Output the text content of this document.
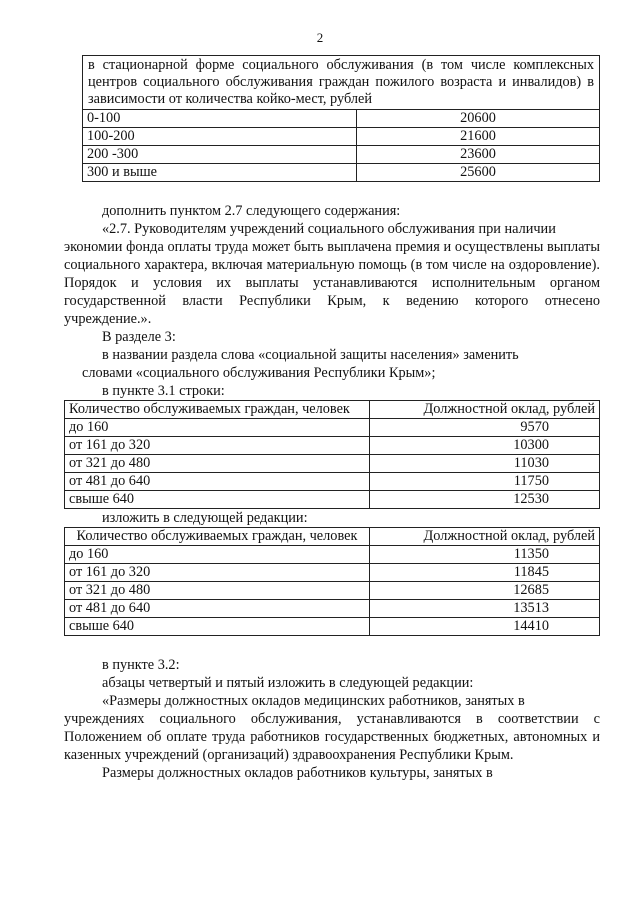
2
в стационарной форме социального обслуживания (в том числе комплексных центров социального обслуживания граждан пожилого возраста и инвалидов) в зависимости от количества койко-мест, рублей	
0-100	20600
100-200	21600
200 -300	23600
300 и выше	25600

дополнить пунктом 2.7 следующего содержания:

«2.7. Руководителям учреждений социального обслуживания при наличии

экономии фонда оплаты труда может быть выплачена премия и осуществлены выплаты социального характера, включая материальную помощь (в том числе на оздоровление). Порядок и условия их выплаты устанавливаются исполнительным органом государственной власти Республики Крым, к ведению которого отнесено учреждение.».

В разделе 3:

в названии раздела слова «социальной защиты населения» заменить

словами «социального обслуживания Республики Крым»;

в пункте 3.1 строки:

Количество обслуживаемых граждан, человек	Должностной оклад, рублей
до 160	9570
от 161 до 320	10300
от 321 до 480	11030
от 481 до 640	11750
свыше 640	12530

изложить в следующей редакции:

Количество обслуживаемых граждан, человек	Должностной оклад, рублей
до 160	11350
от 161 до 320	11845
от 321 до 480	12685
от 481 до 640	13513
свыше 640	14410

в пункте 3.2:

абзацы четвертый и пятый изложить в следующей редакции:

«Размеры должностных окладов медицинских работников, занятых в

учреждениях социального обслуживания, устанавливаются в соответствии с Положением об оплате труда работников государственных бюджетных, автономных и казенных учреждений (организаций) здравоохранения Республики Крым.

Размеры должностных окладов работников культуры, занятых в
